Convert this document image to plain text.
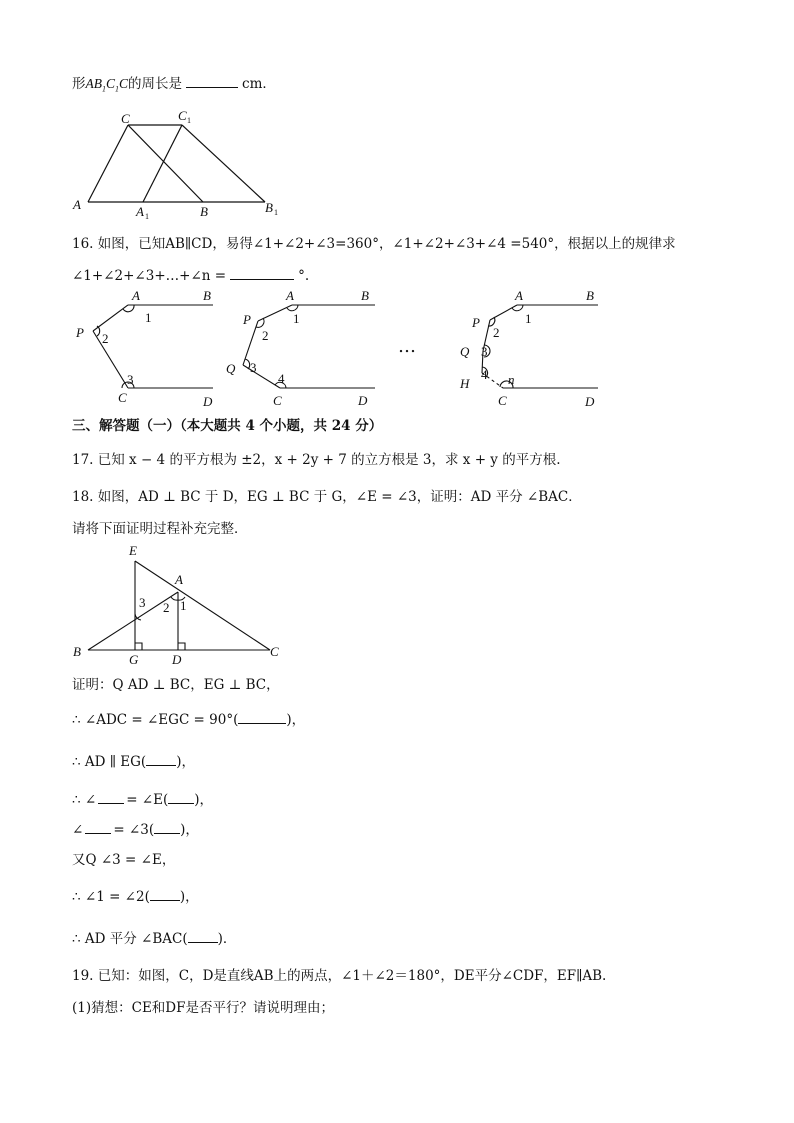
形$AB_1C_1C$的周长是	cm．
C	C 1
A	A 1	B	B 1
16. 如图，已知AB∥CD，易得∠1+∠2+∠3=360°，∠1+∠2+∠3+∠4 =540°，根据以上的规律求
∠1+∠2+∠3+…+∠n =	°.
A	B
P
C	D
1
2
3
A	B
P
Q
C	D
1
2
3
4
…
A	B
P
Q
H
C	D
1
2
3
4 n
三、解答题（一）（本大题共 4 个小题，共 24 分）
17. 已知 x − 4 的平方根为 ±2，x + 2y + 7 的立方根是 3，求 x + y 的平方根.
18. 如图，AD ⊥ BC 于 D，EG ⊥ BC 于 G，∠E = ∠3，证明：AD 平分 ∠BAC．
请将下面证明过程补充完整．
E
A
B	C
G	D
1
2
3
证明：Q AD ⊥ BC，EG ⊥ BC，
∴ ∠ADC = ∠EGC = 90°(	)，
∴ AD ∥ EG( )，
∴ ∠ = ∠E( )，
∠ = ∠3( )，
又Q ∠3 = ∠E，
∴ ∠1 = ∠2( )，
∴ AD 平分 ∠BAC( )．
19. 已知：如图，C，D是直线AB上的两点，∠1＋∠2＝180°，DE平分∠CDF，EF∥AB.
(1)猜想：CE和DF是否平行？请说明理由；
